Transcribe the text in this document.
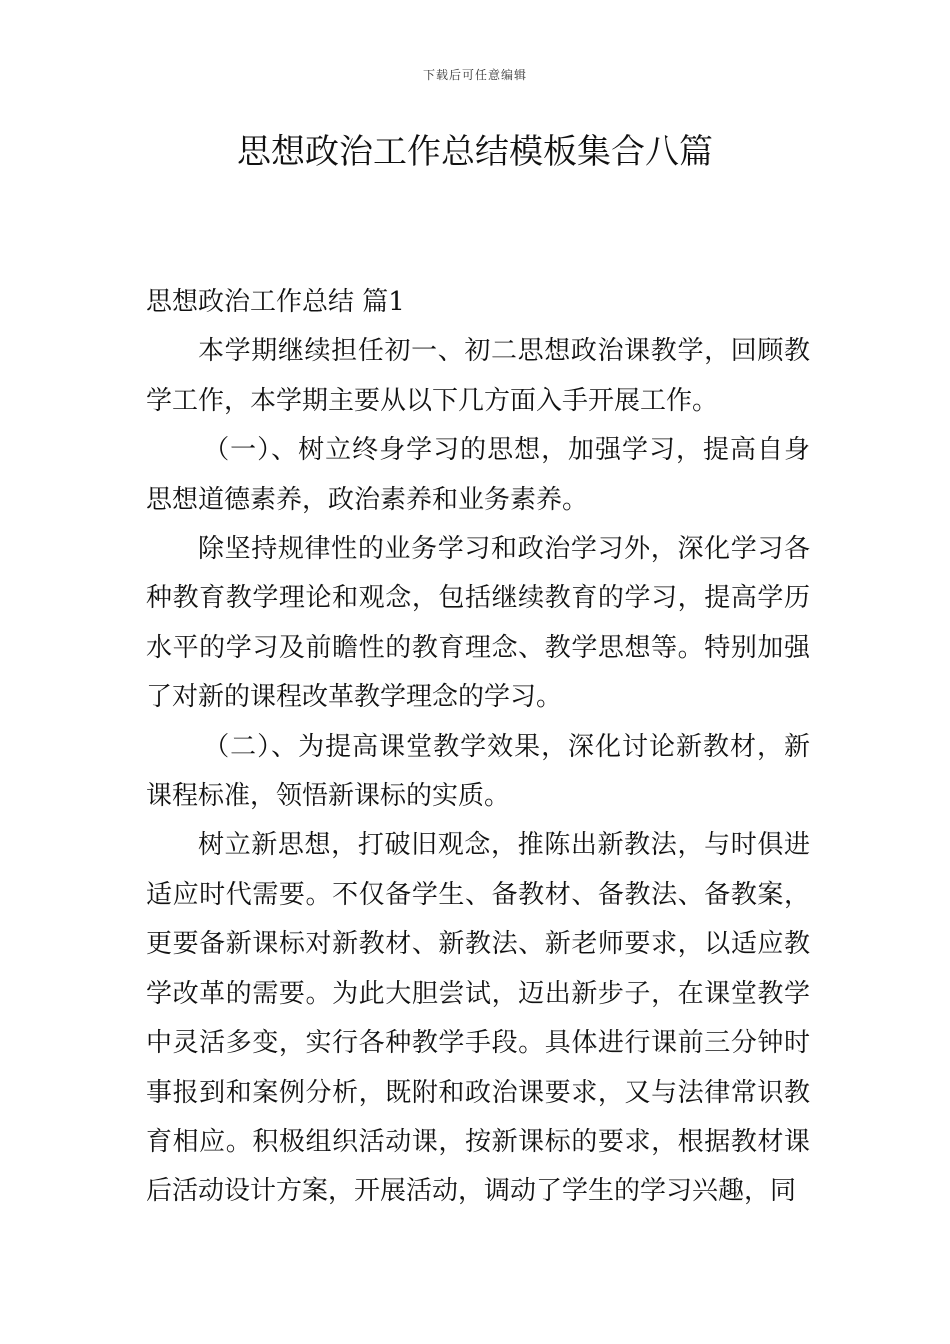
下载后可任意编辑
思想政治工作总结模板集合八篇

思想政治工作总结 篇1

本学期继续担任初一、初二思想政治课教学，回顾教学工作，本学期主要从以下几方面入手开展工作。

（一）、树立终身学习的思想，加强学习，提高自身思想道德素养，政治素养和业务素养。

除坚持规律性的业务学习和政治学习外，深化学习各种教育教学理论和观念，包括继续教育的学习，提高学历水平的学习及前瞻性的教育理念、教学思想等。特别加强了对新的课程改革教学理念的学习。

（二）、为提高课堂教学效果，深化讨论新教材，新课程标准，领悟新课标的实质。

树立新思想，打破旧观念，推陈出新教法，与时俱进适应时代需要。不仅备学生、备教材、备教法、备教案，更要备新课标对新教材、新教法、新老师要求，以适应教学改革的需要。为此大胆尝试，迈出新步子，在课堂教学中灵活多变，实行各种教学手段。具体进行课前三分钟时事报到和案例分析，既附和政治课要求，又与法律常识教育相应。积极组织活动课，按新课标的要求，根据教材课后活动设计方案，开展活动，调动了学生的学习兴趣，同
